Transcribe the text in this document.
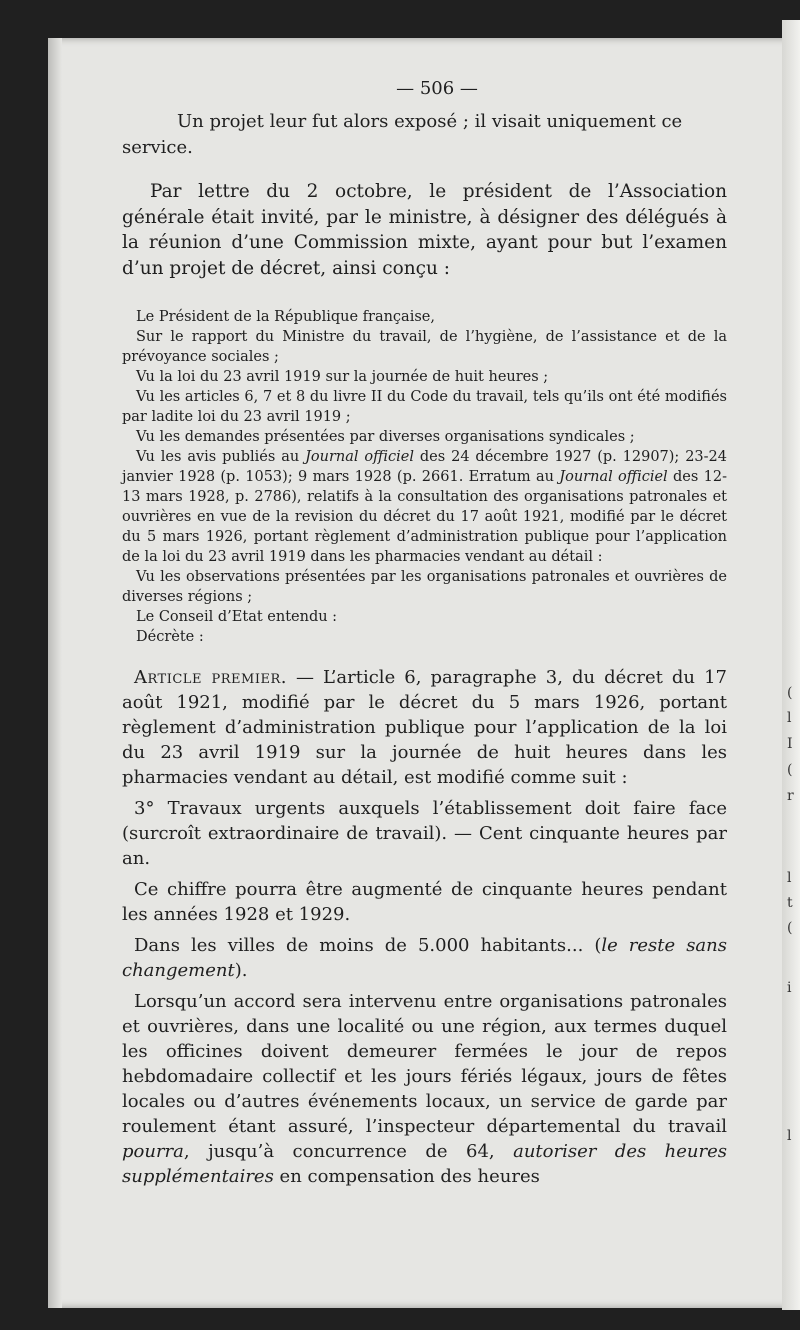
(
l
I
(
r
l
t
(
i
l
— 506 —

Un projet leur fut alors exposé ; il visait uniquement ce service.

Par lettre du 2 octobre, le président de l’Association générale était invité, par le ministre, à désigner des délégués à la réunion d’une Commission mixte, ayant pour but l’examen d’un projet de décret, ainsi conçu :

Le Président de la République française,

Sur le rapport du Ministre du travail, de l’hygiène, de l’assistance et de la prévoyance sociales ;

Vu la loi du 23 avril 1919 sur la journée de huit heures ;

Vu les articles 6, 7 et 8 du livre II du Code du travail, tels qu’ils ont été modifiés par ladite loi du 23 avril 1919 ;

Vu les demandes présentées par diverses organisations syndicales ;

Vu les avis publiés au Journal officiel des 24 décembre 1927 (p. 12907); 23-24 janvier 1928 (p. 1053); 9 mars 1928 (p. 2661. Erratum au Journal officiel des 12-13 mars 1928, p. 2786), relatifs à la consultation des organisations patronales et ouvrières en vue de la revision du décret du 17 août 1921, modifié par le décret du 5 mars 1926, portant règlement d’administration publique pour l’application de la loi du 23 avril 1919 dans les pharmacies vendant au détail :

Vu les observations présentées par les organisations patronales et ouvrières de diverses régions ;

Le Conseil d’Etat entendu :

Décrète :

Article premier. — L’article 6, paragraphe 3, du décret du 17 août 1921, modifié par le décret du 5 mars 1926, portant règlement d’administration publique pour l’application de la loi du 23 avril 1919 sur la journée de huit heures dans les pharmacies vendant au détail, est modifié comme suit :

3° Travaux urgents auxquels l’établissement doit faire face (surcroît extraordinaire de travail). — Cent cinquante heures par an.

Ce chiffre pourra être augmenté de cinquante heures pendant les années 1928 et 1929.

Dans les villes de moins de 5.000 habitants... (le reste sans changement).

Lorsqu’un accord sera intervenu entre organisations patronales et ouvrières, dans une localité ou une région, aux termes duquel les officines doivent demeurer fermées le jour de repos hebdomadaire collectif et les jours fériés légaux, jours de fêtes locales ou d’autres événements locaux, un service de garde par roulement étant assuré, l’inspecteur départemental du travail pourra, jusqu’à concurrence de 64, autoriser des heures supplémentaires en compensation des heures
